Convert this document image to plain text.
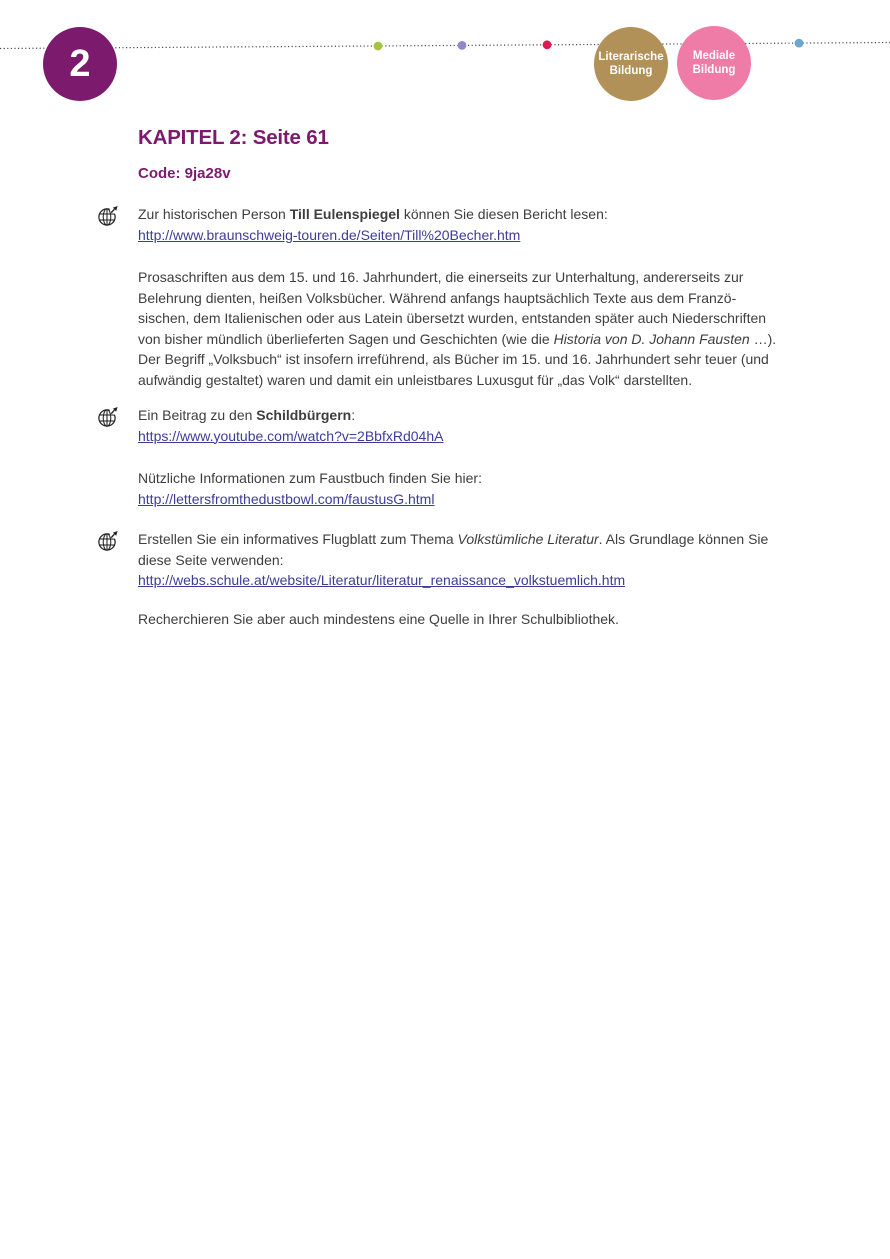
2	Literarische
Bildung
Mediale
Bildung
KAPITEL 2: Seite 61
Code: 9ja28v
Zur historischen Person Till Eulenspiegel können Sie diesen Bericht lesen:
http://www.braunschweig-touren.de/Seiten/Till%20Becher.htm
Prosaschriften aus dem 15. und 16. Jahrhundert, die einerseits zur Unterhaltung, andererseits zur
Belehrung dienten, heißen Volksbücher. Während anfangs hauptsächlich Texte aus dem Franzö-
sischen, dem Italienischen oder aus Latein übersetzt wurden, entstanden später auch Niederschriften
von bisher mündlich überlieferten Sagen und Geschichten (wie die Historia von D. Johann Fausten …).
Der Begriff „Volksbuch“ ist insofern irreführend, als Bücher im 15. und 16. Jahrhundert sehr teuer (und
aufwändig gestaltet) waren und damit ein unleistbares Luxusgut für „das Volk“ darstellten.
Ein Beitrag zu den Schildbürgern:
https://www.youtube.com/watch?v=2BbfxRd04hA
Nützliche Informationen zum Faustbuch finden Sie hier:
http://lettersfromthedustbowl.com/faustusG.html
Erstellen Sie ein informatives Flugblatt zum Thema Volkstümliche Literatur. Als Grundlage können Sie
diese Seite verwenden:
http://webs.schule.at/website/Literatur/literatur_renaissance_volkstuemlich.htm
Recherchieren Sie aber auch mindestens eine Quelle in Ihrer Schulbibliothek.
